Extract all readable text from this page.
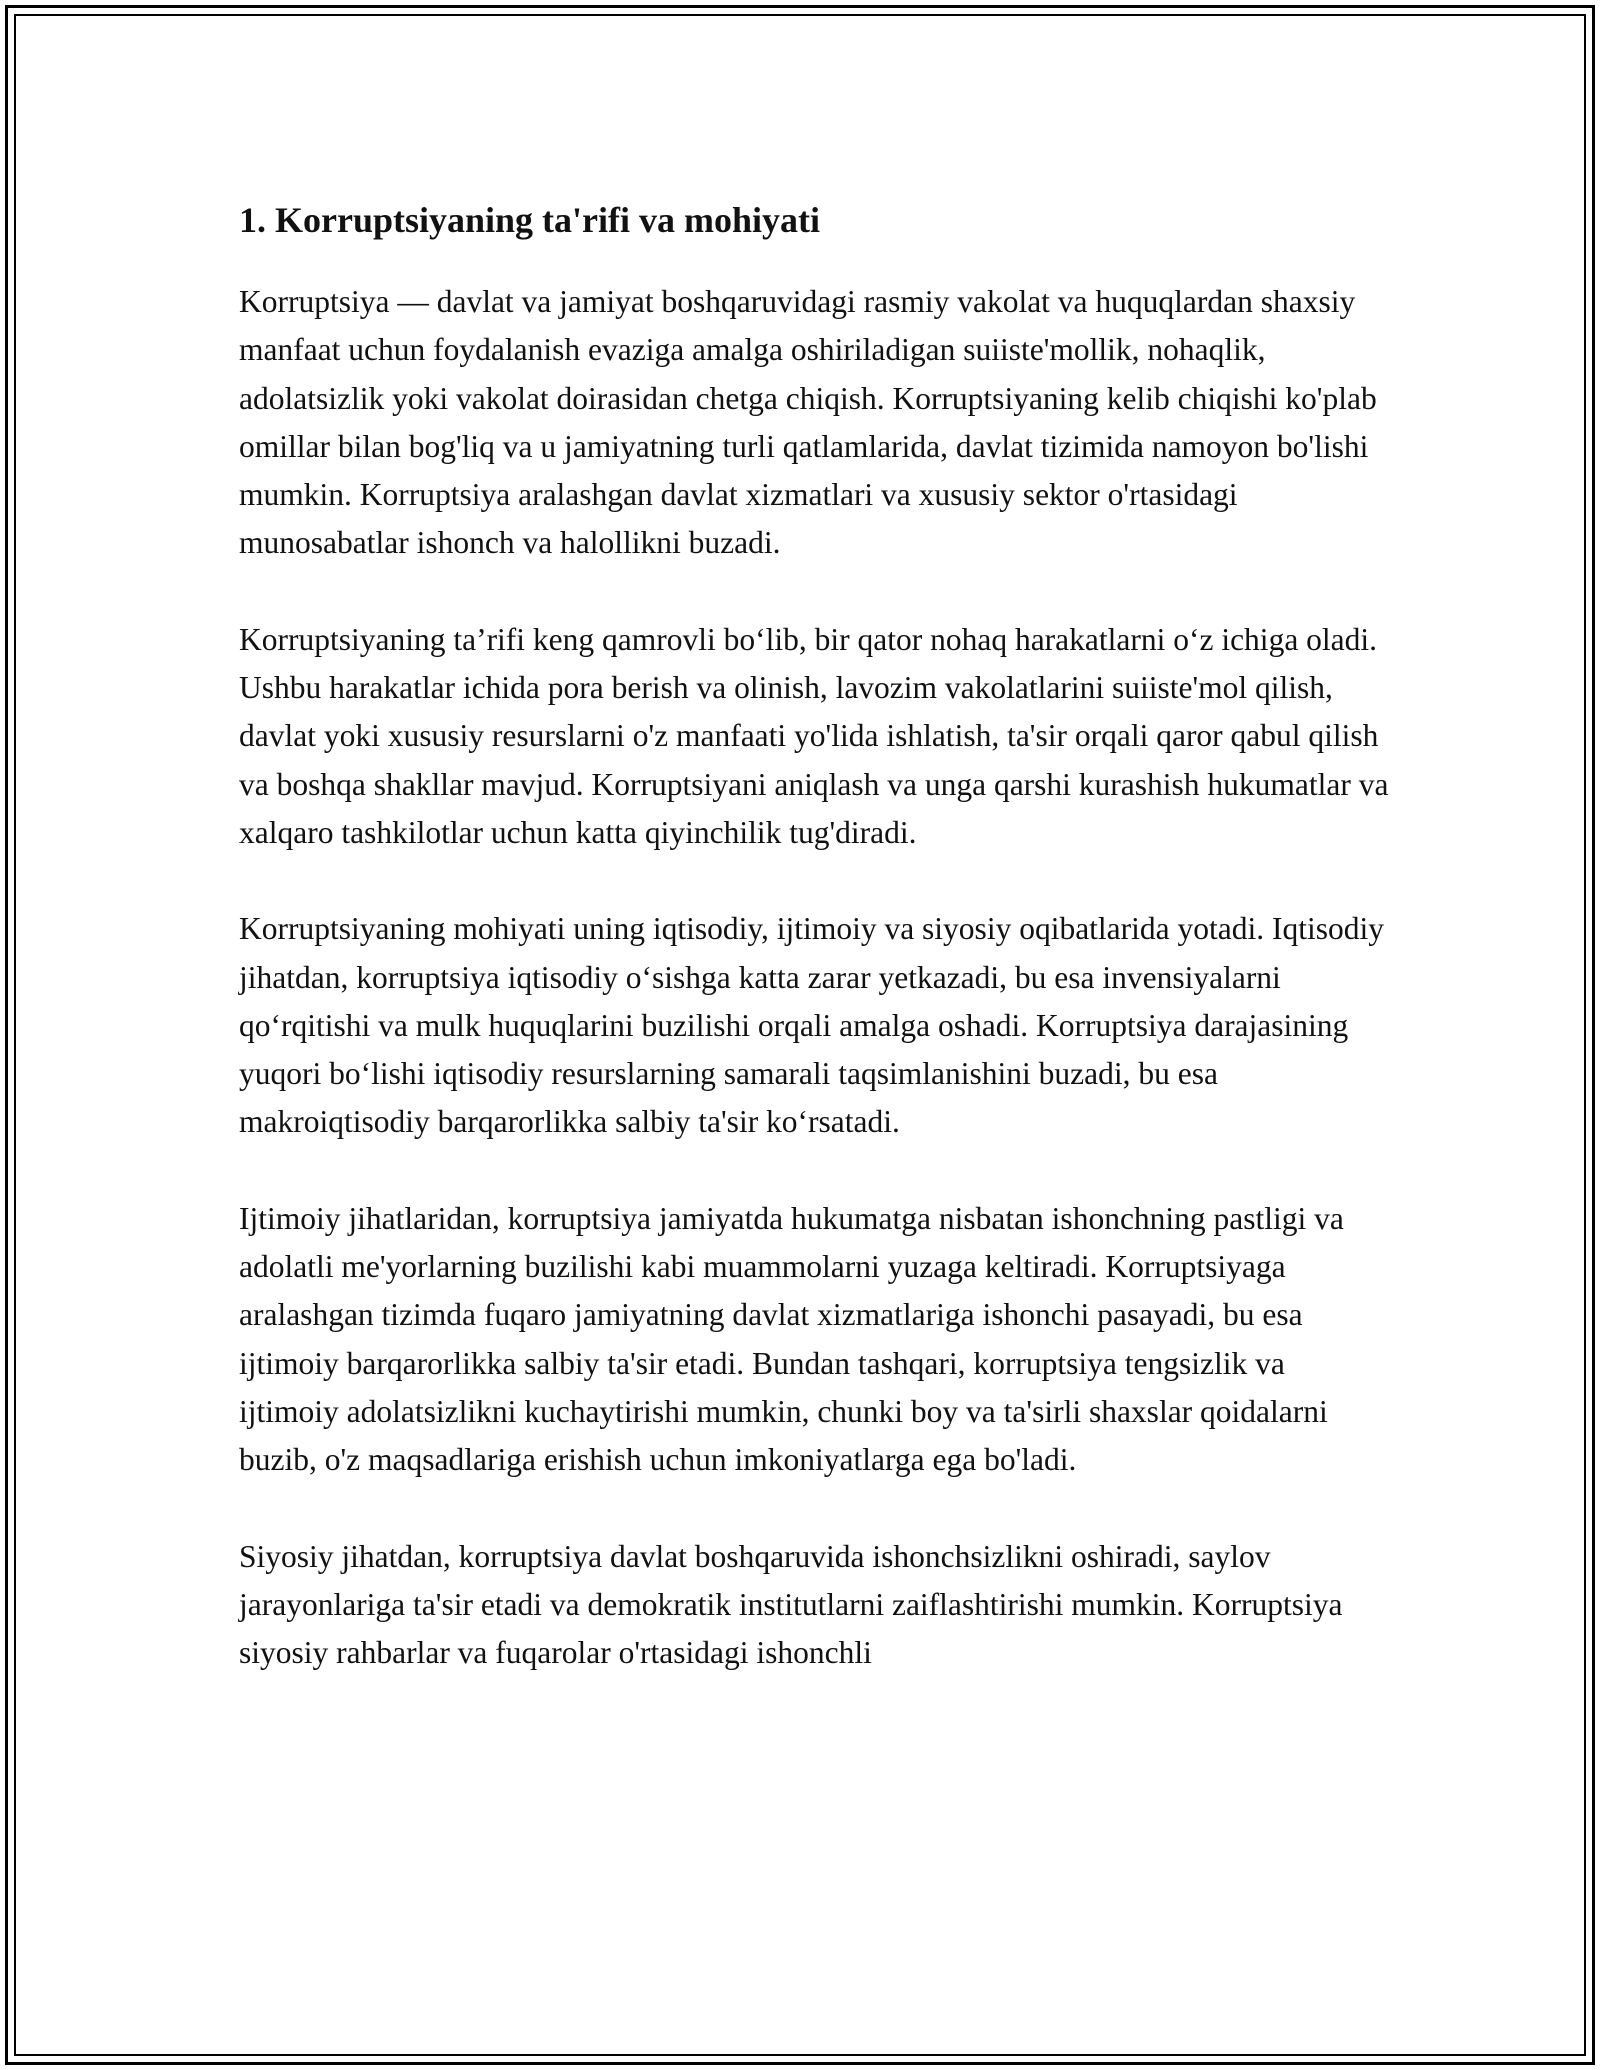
1. Korruptsiyaning ta'rifi va mohiyati

Korruptsiya — davlat va jamiyat boshqaruvidagi rasmiy vakolat va huquqlardan shaxsiy manfaat uchun foydalanish evaziga amalga oshiriladigan suiiste'mollik, nohaqlik, adolatsizlik yoki vakolat doirasidan chetga chiqish. Korruptsiyaning kelib chiqishi ko'plab omillar bilan bog'liq va u jamiyatning turli qatlamlarida, davlat tizimida namoyon bo'lishi mumkin. Korruptsiya aralashgan davlat xizmatlari va xususiy sektor o'rtasidagi munosabatlar ishonch va halollikni buzadi.

Korruptsiyaning ta’rifi keng qamrovli boʻlib, bir qator nohaq harakatlarni oʻz ichiga oladi. Ushbu harakatlar ichida pora berish va olinish, lavozim vakolatlarini suiiste'mol qilish, davlat yoki xususiy resurslarni o'z manfaati yo'lida ishlatish, ta'sir orqali qaror qabul qilish va boshqa shakllar mavjud. Korruptsiyani aniqlash va unga qarshi kurashish hukumatlar va xalqaro tashkilotlar uchun katta qiyinchilik tug'diradi.

Korruptsiyaning mohiyati uning iqtisodiy, ijtimoiy va siyosiy oqibatlarida yotadi. Iqtisodiy jihatdan, korruptsiya iqtisodiy oʻsishga katta zarar yetkazadi, bu esa invensiyalarni qoʻrqitishi va mulk huquqlarini buzilishi orqali amalga oshadi. Korruptsiya darajasining yuqori boʻlishi iqtisodiy resurslarning samarali taqsimlanishini buzadi, bu esa makroiqtisodiy barqarorlikka salbiy ta'sir koʻrsatadi.

Ijtimoiy jihatlaridan, korruptsiya jamiyatda hukumatga nisbatan ishonchning pastligi va adolatli me'yorlarning buzilishi kabi muammolarni yuzaga keltiradi. Korruptsiyaga aralashgan tizimda fuqaro jamiyatning davlat xizmatlariga ishonchi pasayadi, bu esa ijtimoiy barqarorlikka salbiy ta'sir etadi. Bundan tashqari, korruptsiya tengsizlik va ijtimoiy adolatsizlikni kuchaytirishi mumkin, chunki boy va ta'sirli shaxslar qoidalarni buzib, o'z maqsadlariga erishish uchun imkoniyatlarga ega bo'ladi.

Siyosiy jihatdan, korruptsiya davlat boshqaruvida ishonchsizlikni oshiradi, saylov jarayonlariga ta'sir etadi va demokratik institutlarni zaiflashtirishi mumkin. Korruptsiya siyosiy rahbarlar va fuqarolar o'rtasidagi ishonchli
